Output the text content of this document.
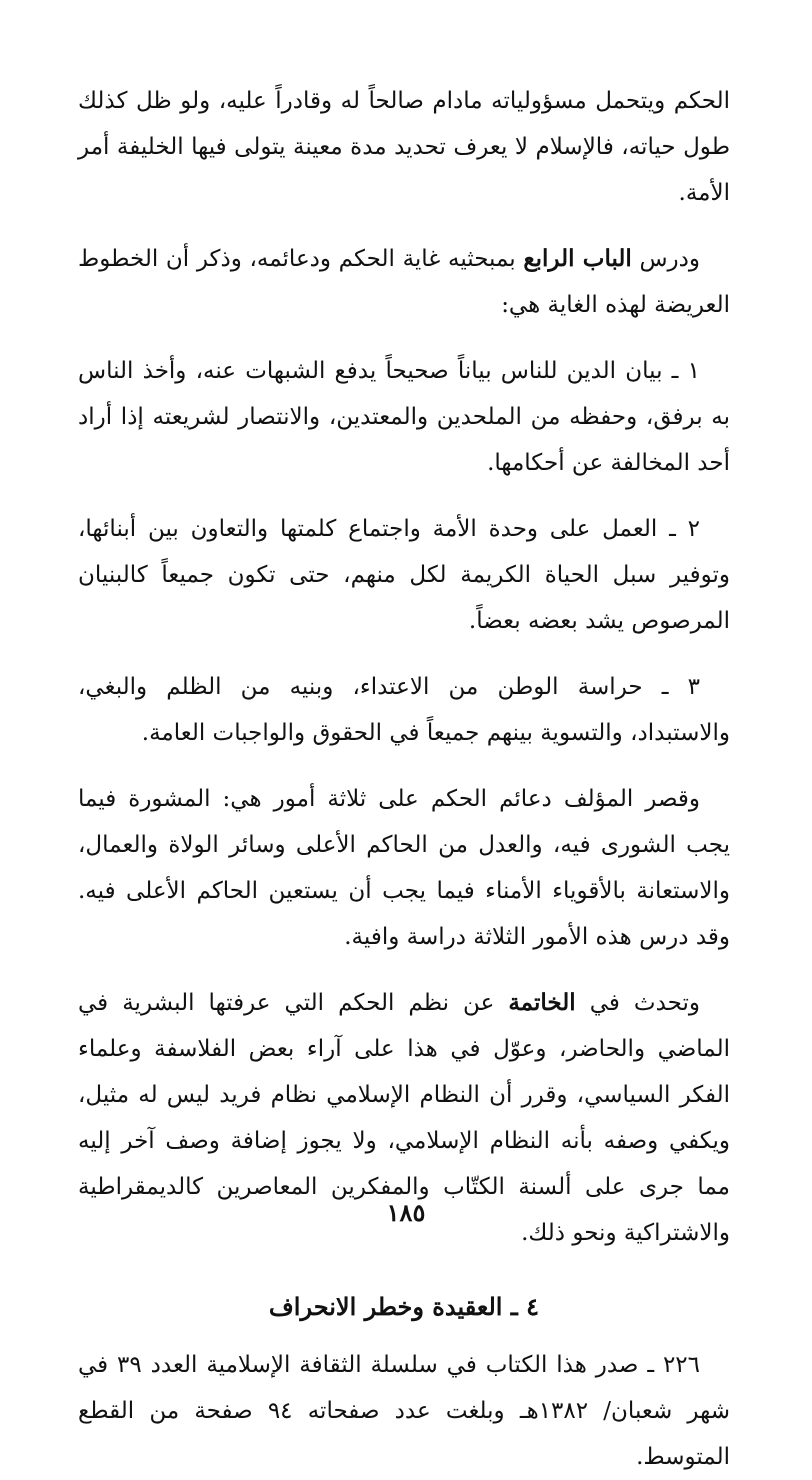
الحكم ويتحمل مسؤولياته مادام صالحاً له وقادراً عليه، ولو ظل كذلك طول حياته، فالإسلام لا يعرف تحديد مدة معينة يتولى فيها الخليفة أمر الأمة.

ودرس الباب الرابع بمبحثيه غاية الحكم ودعائمه، وذكر أن الخطوط العريضة لهذه الغاية هي:

١ ـ بيان الدين للناس بياناً صحيحاً يدفع الشبهات عنه، وأخذ الناس به برفق، وحفظه من الملحدين والمعتدين، والانتصار لشريعته إذا أراد أحد المخالفة عن أحكامها.

٢ ـ العمل على وحدة الأمة واجتماع كلمتها والتعاون بين أبنائها، وتوفير سبل الحياة الكريمة لكل منهم، حتى تكون جميعاً كالبنيان المرصوص يشد بعضه بعضاً.

٣ ـ حراسة الوطن من الاعتداء، وبنيه من الظلم والبغي، والاستبداد، والتسوية بينهم جميعاً في الحقوق والواجبات العامة.

وقصر المؤلف دعائم الحكم على ثلاثة أمور هي: المشورة فيما يجب الشورى فيه، والعدل من الحاكم الأعلى وسائر الولاة والعمال، والاستعانة بالأقوياء الأمناء فيما يجب أن يستعين الحاكم الأعلى فيه. وقد درس هذه الأمور الثلاثة دراسة وافية.

وتحدث في الخاتمة عن نظم الحكم التي عرفتها البشرية في الماضي والحاضر، وعوّل في هذا على آراء بعض الفلاسفة وعلماء الفكر السياسي، وقرر أن النظام الإسلامي نظام فريد ليس له مثيل، ويكفي وصفه بأنه النظام الإسلامي، ولا يجوز إضافة وصف آخر إليه مما جرى على ألسنة الكتّاب والمفكرين المعاصرين كالديمقراطية والاشتراكية ونحو ذلك.

٤ ـ العقيدة وخطر الانحراف

٢٢٦ ـ صدر هذا الكتاب في سلسلة الثقافة الإسلامية العدد ٣٩ في شهر شعبان/ ١٣٨٢هـ وبلغت عدد صفحاته ٩٤ صفحة من القطع المتوسط.

١٨٥
